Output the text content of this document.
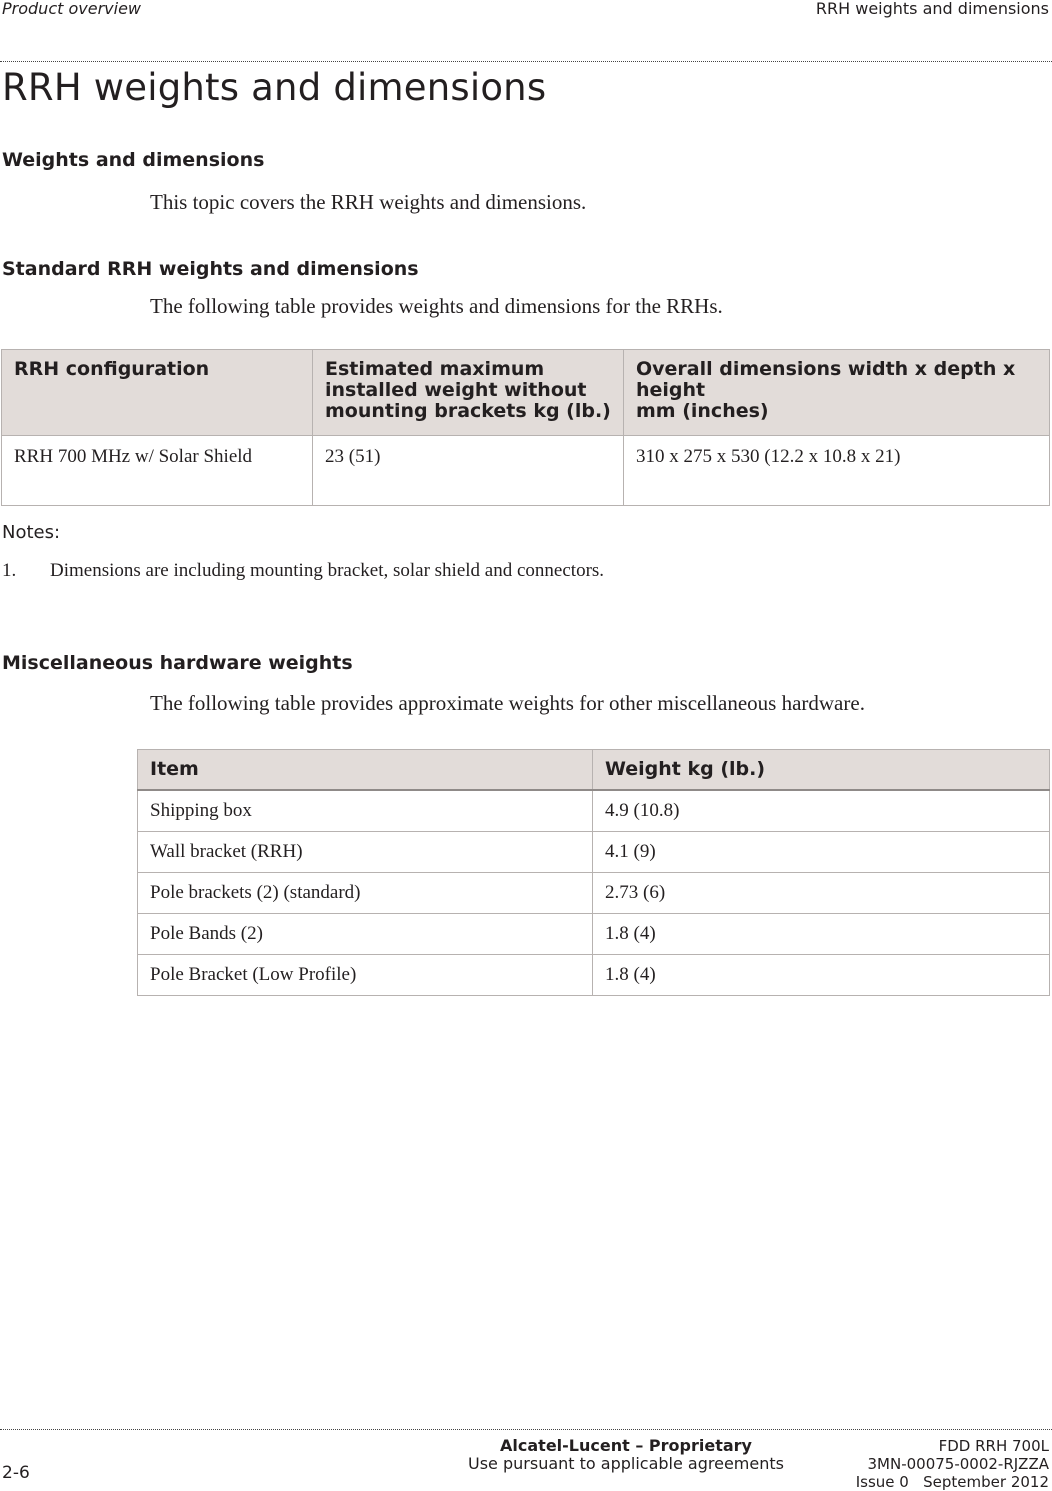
Product overview	RRH weights and dimensions
RRH weights and dimensions
Weights and dimensions

This topic covers the RRH weights and dimensions.

Standard RRH weights and dimensions

The following table provides weights and dimensions for the RRHs.

RRH configuration	Estimated maximum installed weight without mounting brackets kg (lb.)	Overall dimensions width x depth x height
mm (inches)
RRH 700 MHz w/ Solar Shield	23 (51)	310 x 275 x 530 (12.2 x 10.8 x 21)
Notes:
1. Dimensions are including mounting bracket, solar shield and connectors.
Miscellaneous hardware weights

The following table provides approximate weights for other miscellaneous hardware.

Item	Weight kg (lb.)
Shipping box	4.9 (10.8)
Wall bracket (RRH)	4.1 (9)
Pole brackets (2) (standard)	2.73 (6)
Pole Bands (2)	1.8 (4)
Pole Bracket (Low Profile)	1.8 (4)
2-6
Alcatel-Lucent – Proprietary
Use pursuant to applicable agreements
FDD RRH 700L
3MN-00075-0002-RJZZA
Issue 0   September 2012
